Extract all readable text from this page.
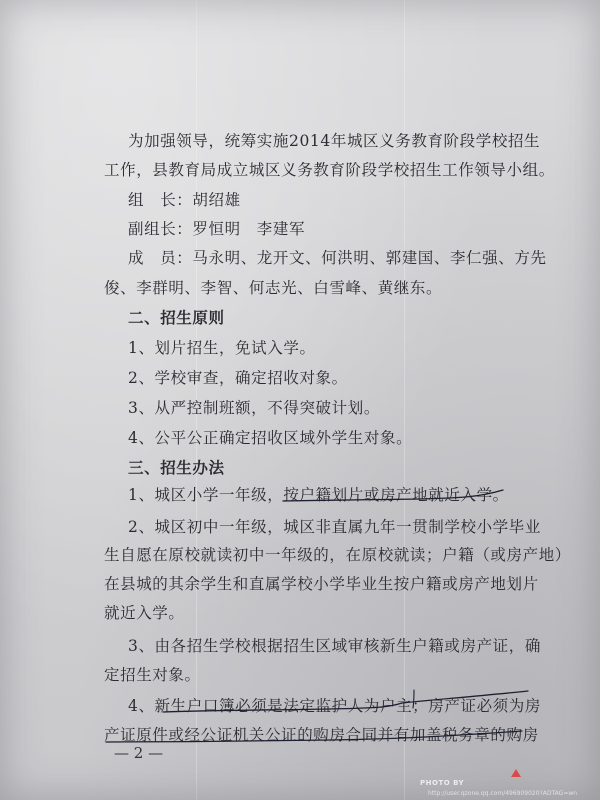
为加强领导，统筹实施2014年城区义务教育阶段学校招生
工作，县教育局成立城区义务教育阶段学校招生工作领导小组。
组　长：胡绍雄
副组长：罗恒明　李建军
成　员：马永明、龙开文、何洪明、郭建国、李仁强、方先
俊、李群明、李智、何志光、白雪峰、黄继东。
二、招生原则
1、划片招生，免试入学。
2、学校审查，确定招收对象。
3、从严控制班额，不得突破计划。
4、公平公正确定招收区域外学生对象。
三、招生办法
1、城区小学一年级，按户籍划片或房产地就近入学。
2、城区初中一年级，城区非直属九年一贯制学校小学毕业
生自愿在原校就读初中一年级的，在原校就读；户籍（或房产地）
在县城的其余学生和直属学校小学毕业生按户籍或房产地划片
就近入学。
3、由各招生学校根据招生区域审核新生户籍或房产证，确
定招生对象。
4、新生户口簿必须是法定监护人为户主；房产证必须为房
产证原件或经公证机关公证的购房合同并有加盖税务章的购房
— 2 —
PHOTO BY
http://user.qzone.qq.com/496909020?ADTAG=wn
